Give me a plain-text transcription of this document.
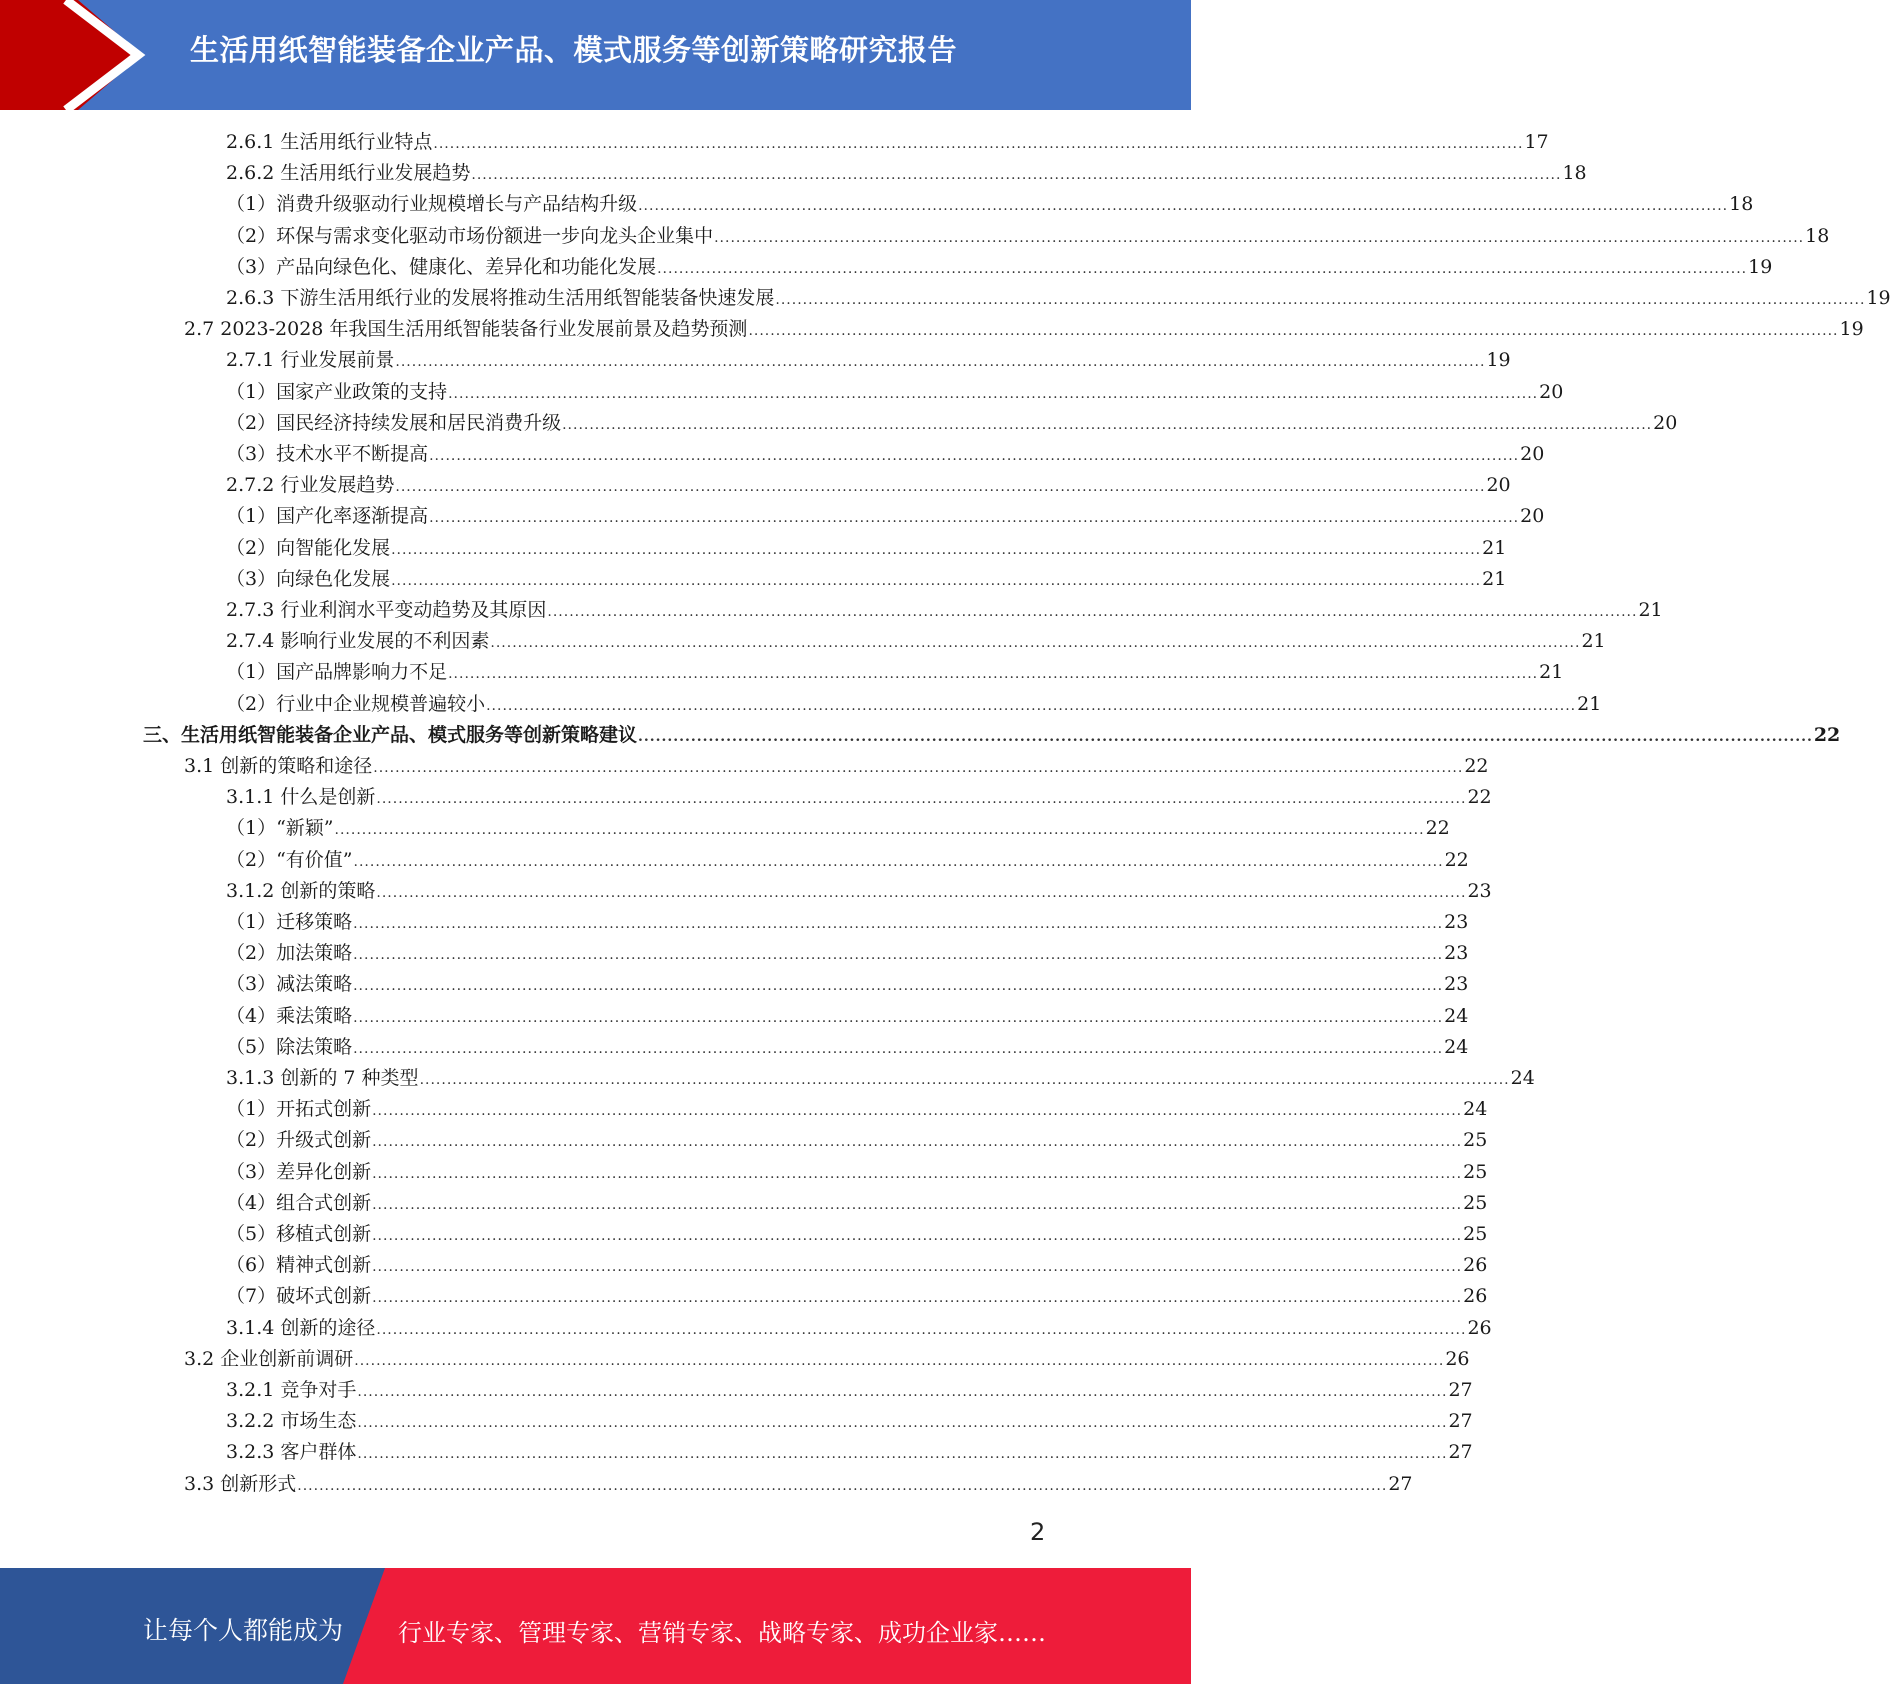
生活用纸智能装备企业产品、模式服务等创新策略研究报告
2.6.1 生活用纸行业特点 ........................................................................................................................................................................................................ 17
2.6.2 生活用纸行业发展趋势 ........................................................................................................................................................................................................ 18
（1）消费升级驱动行业规模增长与产品结构升级 ........................................................................................................................................................................................................ 18
（2）环保与需求变化驱动市场份额进一步向龙头企业集中 ........................................................................................................................................................................................................ 18
（3）产品向绿色化、健康化、差异化和功能化发展 ........................................................................................................................................................................................................ 19
2.6.3 下游生活用纸行业的发展将推动生活用纸智能装备快速发展 ........................................................................................................................................................................................................ 19
2.7 2023-2028 年我国生活用纸智能装备行业发展前景及趋势预测 ........................................................................................................................................................................................................ 19
2.7.1 行业发展前景 ........................................................................................................................................................................................................ 19
（1）国家产业政策的支持 ........................................................................................................................................................................................................ 20
（2）国民经济持续发展和居民消费升级 ........................................................................................................................................................................................................ 20
（3）技术水平不断提高 ........................................................................................................................................................................................................ 20
2.7.2 行业发展趋势 ........................................................................................................................................................................................................ 20
（1）国产化率逐渐提高 ........................................................................................................................................................................................................ 20
（2）向智能化发展 ........................................................................................................................................................................................................ 21
（3）向绿色化发展 ........................................................................................................................................................................................................ 21
2.7.3 行业利润水平变动趋势及其原因 ........................................................................................................................................................................................................ 21
2.7.4 影响行业发展的不利因素 ........................................................................................................................................................................................................ 21
（1）国产品牌影响力不足 ........................................................................................................................................................................................................ 21
（2）行业中企业规模普遍较小 ........................................................................................................................................................................................................ 21
三、生活用纸智能装备企业产品、模式服务等创新策略建议 ........................................................................................................................................................................................................ 22
3.1 创新的策略和途径 ........................................................................................................................................................................................................ 22
3.1.1 什么是创新 ........................................................................................................................................................................................................ 22
（1）“新颖” ........................................................................................................................................................................................................ 22
（2）“有价值” ........................................................................................................................................................................................................ 22
3.1.2 创新的策略 ........................................................................................................................................................................................................ 23
（1）迁移策略 ........................................................................................................................................................................................................ 23
（2）加法策略 ........................................................................................................................................................................................................ 23
（3）减法策略 ........................................................................................................................................................................................................ 23
（4）乘法策略 ........................................................................................................................................................................................................ 24
（5）除法策略 ........................................................................................................................................................................................................ 24
3.1.3 创新的 7 种类型 ........................................................................................................................................................................................................ 24
（1）开拓式创新 ........................................................................................................................................................................................................ 24
（2）升级式创新 ........................................................................................................................................................................................................ 25
（3）差异化创新 ........................................................................................................................................................................................................ 25
（4）组合式创新 ........................................................................................................................................................................................................ 25
（5）移植式创新 ........................................................................................................................................................................................................ 25
（6）精神式创新 ........................................................................................................................................................................................................ 26
（7）破坏式创新 ........................................................................................................................................................................................................ 26
3.1.4 创新的途径 ........................................................................................................................................................................................................ 26
3.2 企业创新前调研 ........................................................................................................................................................................................................ 26
3.2.1 竞争对手 ........................................................................................................................................................................................................ 27
3.2.2 市场生态 ........................................................................................................................................................................................................ 27
3.2.3 客户群体 ........................................................................................................................................................................................................ 27
3.3 创新形式 ........................................................................................................................................................................................................ 27
2
让每个人都能成为 行业专家、管理专家、营销专家、战略专家、成功企业家……
